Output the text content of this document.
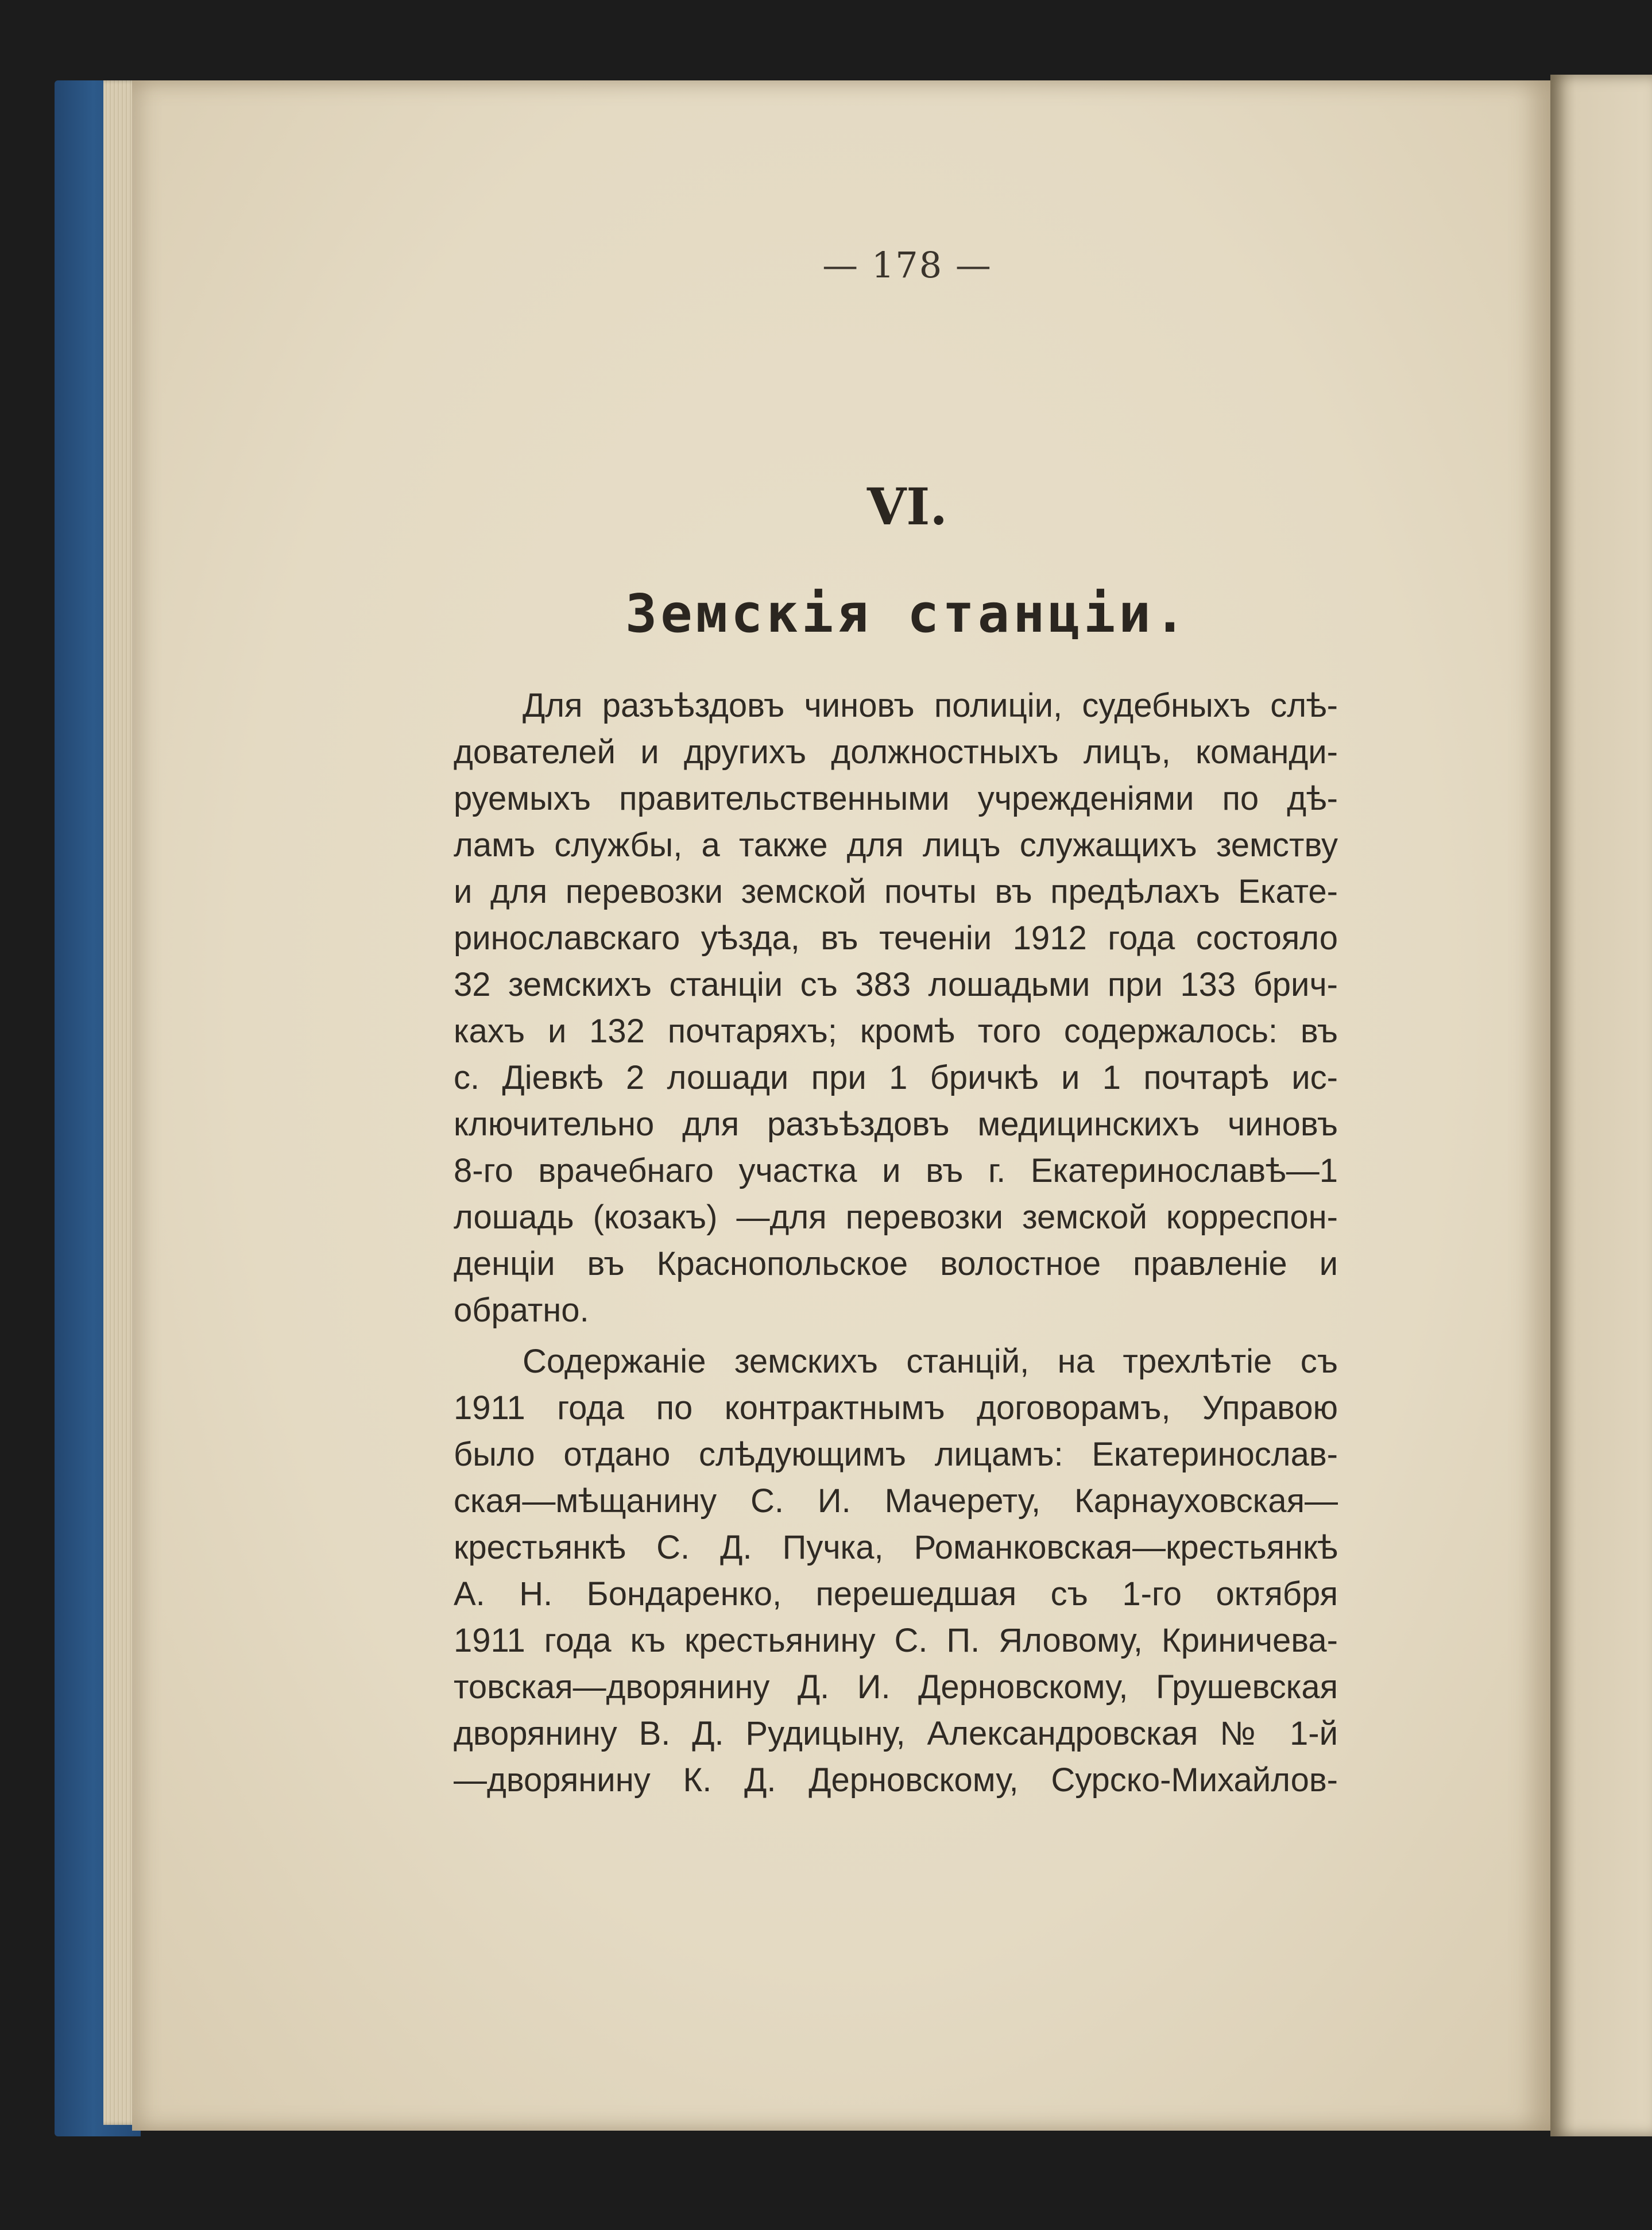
— 178 —
VI.
Земскія станціи.
Для разъѣздовъ чиновъ полиціи, судебныхъ слѣ-
дователей и другихъ должностныхъ лицъ, команди-
руемыхъ правительственными учрежденіями по дѣ-
ламъ службы, а также для лицъ служащихъ земству
и для перевозки земской почты въ предѣлахъ Екате-
ринославскаго уѣзда, въ теченіи 1912 года состояло
32 земскихъ станціи съ 383 лошадьми при 133 брич-
кахъ и 132 почтаряхъ; кромѣ того содержалось: въ
с. Діевкѣ 2 лошади при 1 бричкѣ и 1 почтарѣ ис-
ключительно для разъѣздовъ медицинскихъ чиновъ
8-го врачебнаго участка и въ г. Екатеринославѣ—1
лошадь (козакъ) —для перевозки земской корреспон-
денціи въ Краснопольское волостное правленіе и
обратно.
Содержаніе земскихъ станцій, на трехлѣтіе съ
1911 года по контрактнымъ договорамъ, Управою
было отдано слѣдующимъ лицамъ: Екатеринослав-
ская—мѣщанину С. И. Мачерету, Карнауховская—
крестьянкѣ С. Д. Пучка, Романковская—крестьянкѣ
А. Н. Бондаренко, перешедшая съ 1-го октября
1911 года къ крестьянину С. П. Яловому, Криничева-
товская—дворянину Д. И. Дерновскому, Грушевская
дворянину В. Д. Рудицыну, Александровская № 1-й
—дворянину К. Д. Дерновскому, Сурско-Михайлов-
